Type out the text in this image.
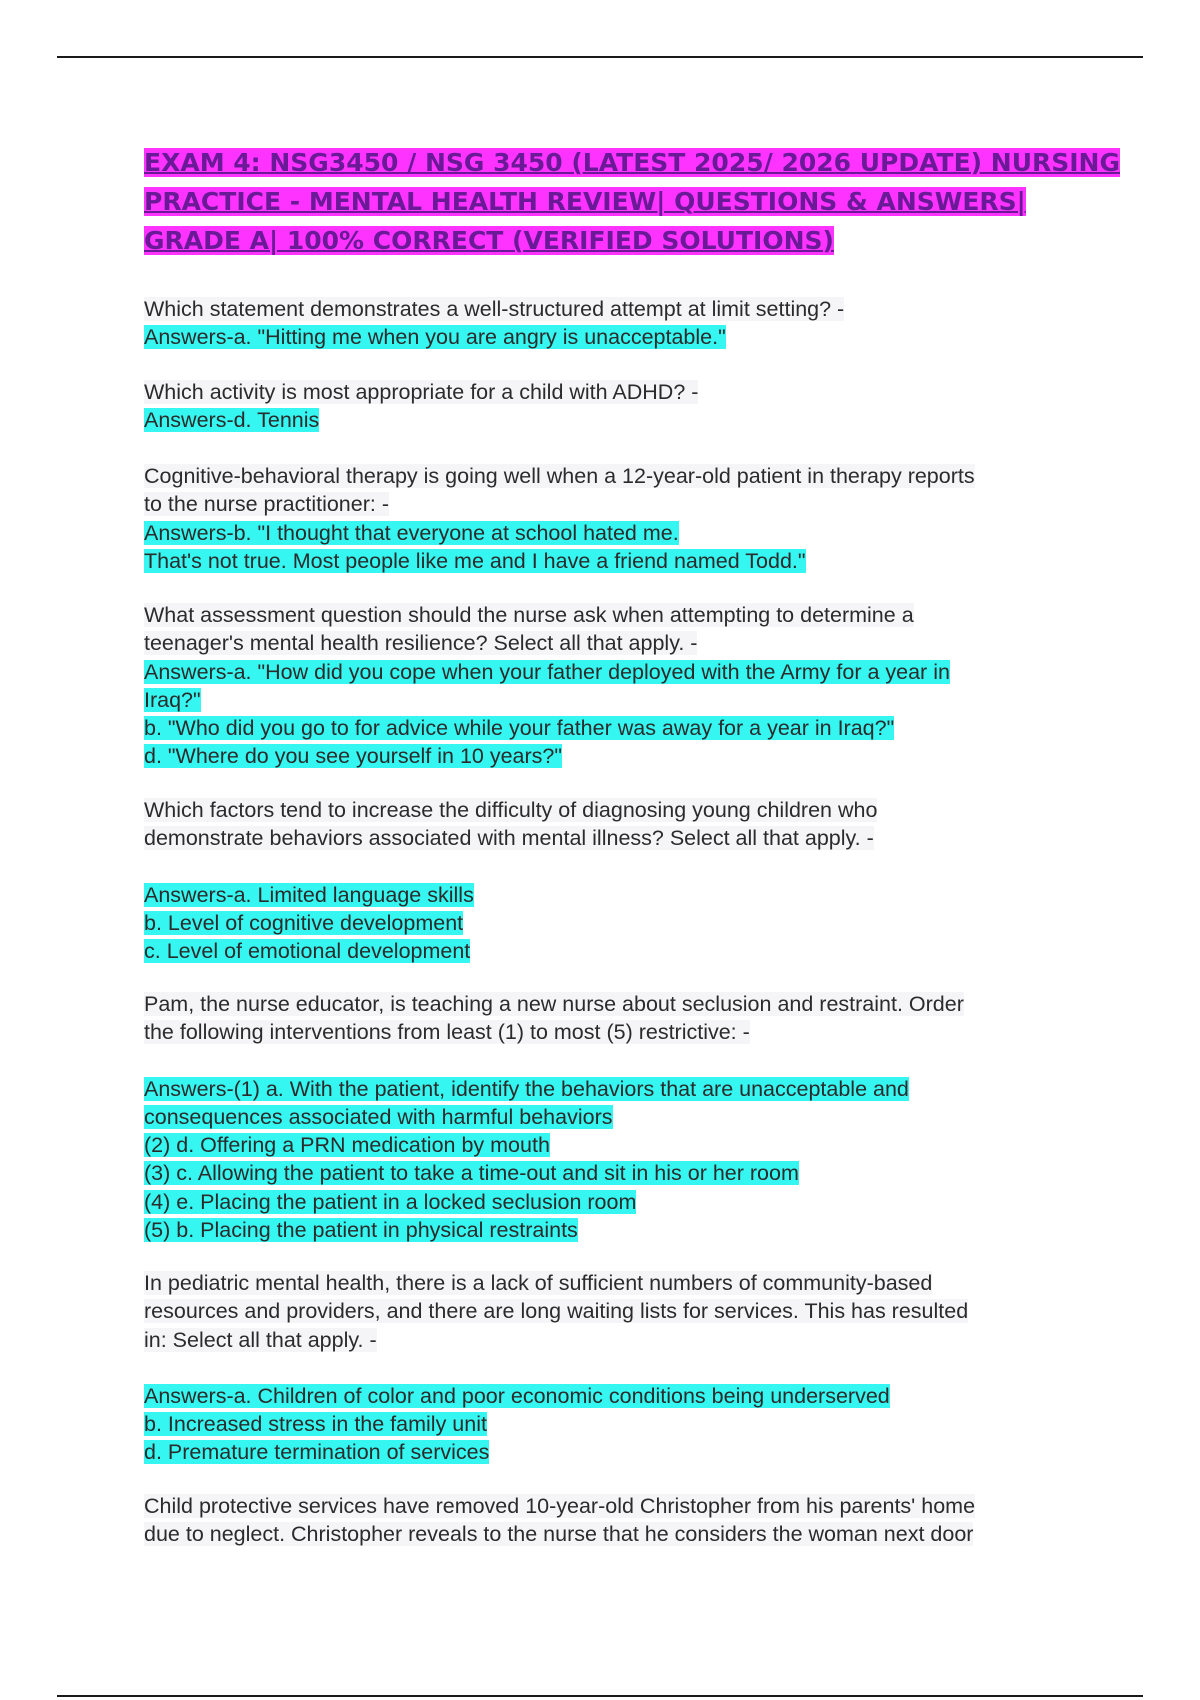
EXAM 4: NSG3450 / NSG 3450 (LATEST 2025/ 2026 UPDATE) NURSING
PRACTICE - MENTAL HEALTH REVIEW| QUESTIONS & ANSWERS|
GRADE A| 100% CORRECT (VERIFIED SOLUTIONS)
Which statement demonstrates a well-structured attempt at limit setting? -
Answers-a. "Hitting me when you are angry is unacceptable."
Which activity is most appropriate for a child with ADHD? -
Answers-d. Tennis
Cognitive-behavioral therapy is going well when a 12-year-old patient in therapy reports
to the nurse practitioner: -
Answers-b. "I thought that everyone at school hated me.
That's not true. Most people like me and I have a friend named Todd."
What assessment question should the nurse ask when attempting to determine a
teenager's mental health resilience? Select all that apply. -
Answers-a. "How did you cope when your father deployed with the Army for a year in
Iraq?"
b. "Who did you go to for advice while your father was away for a year in Iraq?"
d. "Where do you see yourself in 10 years?"
Which factors tend to increase the difficulty of diagnosing young children who
demonstrate behaviors associated with mental illness? Select all that apply. -
Answers-a. Limited language skills
b. Level of cognitive development
c. Level of emotional development
Pam, the nurse educator, is teaching a new nurse about seclusion and restraint. Order
the following interventions from least (1) to most (5) restrictive: -
Answers-(1) a. With the patient, identify the behaviors that are unacceptable and
consequences associated with harmful behaviors
(2) d. Offering a PRN medication by mouth
(3) c. Allowing the patient to take a time-out and sit in his or her room
(4) e. Placing the patient in a locked seclusion room
(5) b. Placing the patient in physical restraints
In pediatric mental health, there is a lack of sufficient numbers of community-based
resources and providers, and there are long waiting lists for services. This has resulted
in: Select all that apply. -
Answers-a. Children of color and poor economic conditions being underserved
b. Increased stress in the family unit
d. Premature termination of services
Child protective services have removed 10-year-old Christopher from his parents' home
due to neglect. Christopher reveals to the nurse that he considers the woman next door
